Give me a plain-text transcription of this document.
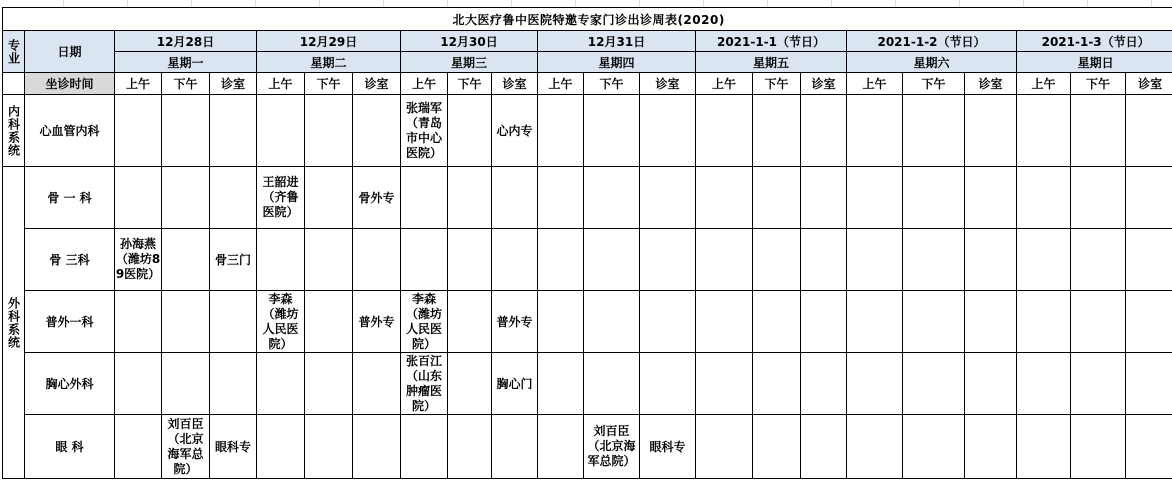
北大医疗鲁中医院特邀专家门诊出诊周表(2020)																						
专业	日期	12月28日			12月29日			12月30日			12月31日			2021-1-1（节日）			2021-1-2（节日）			2021-1-3（节日）		
		星期一			星期二			星期三			星期四			星期五			星期六			星期日		
	坐诊时间	上午	下午	诊室	上午	下午	诊室	上午	下午	诊室	上午	下午	诊室	上午	下午	诊室	上午	下午	诊室	上午	下午	诊室
内科系统	心血管内科							张瑞军（青岛市中心医院）		心内专												
外科系统	骨 一 科				王韶进（齐鲁医院）		骨外专															
	骨 三科	孙海燕（潍坊89医院）		骨三门																		
	普外一科				李森（潍坊人民医院）		普外专	李森（潍坊人民医院）		普外专												
	胸心外科							张百江（山东肿瘤医院）		胸心门												
	眼 科		刘百臣（北京海军总院）	眼科专								刘百臣（北京海军总院）	眼科专									
